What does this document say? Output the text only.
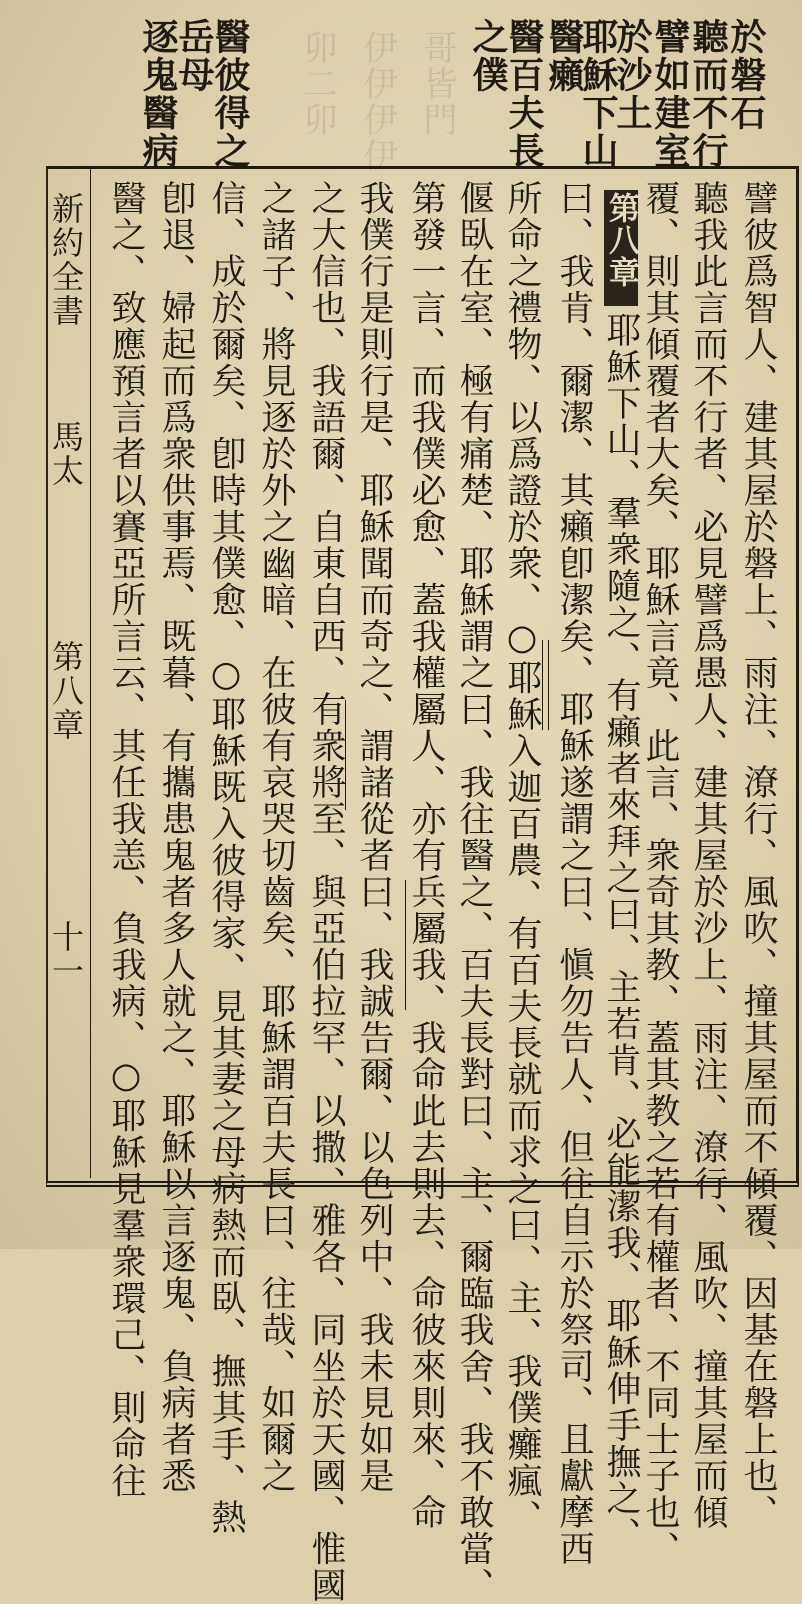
伊伊伊伊
卯二卯 哥皆門	於磐石
聽而不行
譬如建室
於沙土
耶穌下山
醫癩
醫百夫長
之僕
醫彼得之
岳母
逐鬼醫病
譬彼爲智人、建其屋於磐上、雨注、潦行、風吹、撞其屋而不傾覆、因基在磐上也、
聽我此言而不行者、必見譬爲愚人、建其屋於沙上、雨注、潦行、風吹、撞其屋而傾
覆、則其傾覆者大矣、耶穌言竟、此言、衆奇其教、蓋其教之若有權者、不同士子也、
耶穌下山、羣衆隨之、有癩者來拜之曰、主若肯、必能潔我、耶穌伸手撫之、
曰、我肯、爾潔、其癩卽潔矣、耶穌遂謂之曰、愼勿告人、但往自示於祭司、且獻摩西
所命之禮物、以爲證於衆、○耶穌入迦百農、有百夫長就而求之曰、主、我僕癱瘋、
偃臥在室、極有痛楚、耶穌謂之曰、我往醫之、百夫長對曰、主、爾臨我舍、我不敢當、
第發一言、而我僕必愈、蓋我權屬人、亦有兵屬我、我命此去則去、命彼來則來、命
我僕行是則行是、耶穌聞而奇之、謂諸從者曰、我誠告爾、以色列中、我未見如是
之大信也、我語爾、自東自西、有衆將至、與亞伯拉罕、以撒、雅各、同坐於天國、惟國
之諸子、將見逐於外之幽暗、在彼有哀哭切齒矣、耶穌謂百夫長曰、往哉、如爾之
信、成於爾矣、卽時其僕愈、○耶穌既入彼得家、見其妻之母病熱而臥、撫其手、熱
卽退、婦起而爲衆供事焉、既暮、有攜患鬼者多人就之、耶穌以言逐鬼、負病者悉
醫之、致應預言者以賽亞所言云、其任我恙、負我病、○耶穌見羣衆環己、則命往	第八章
新約全書
馬太
第八章
十一
